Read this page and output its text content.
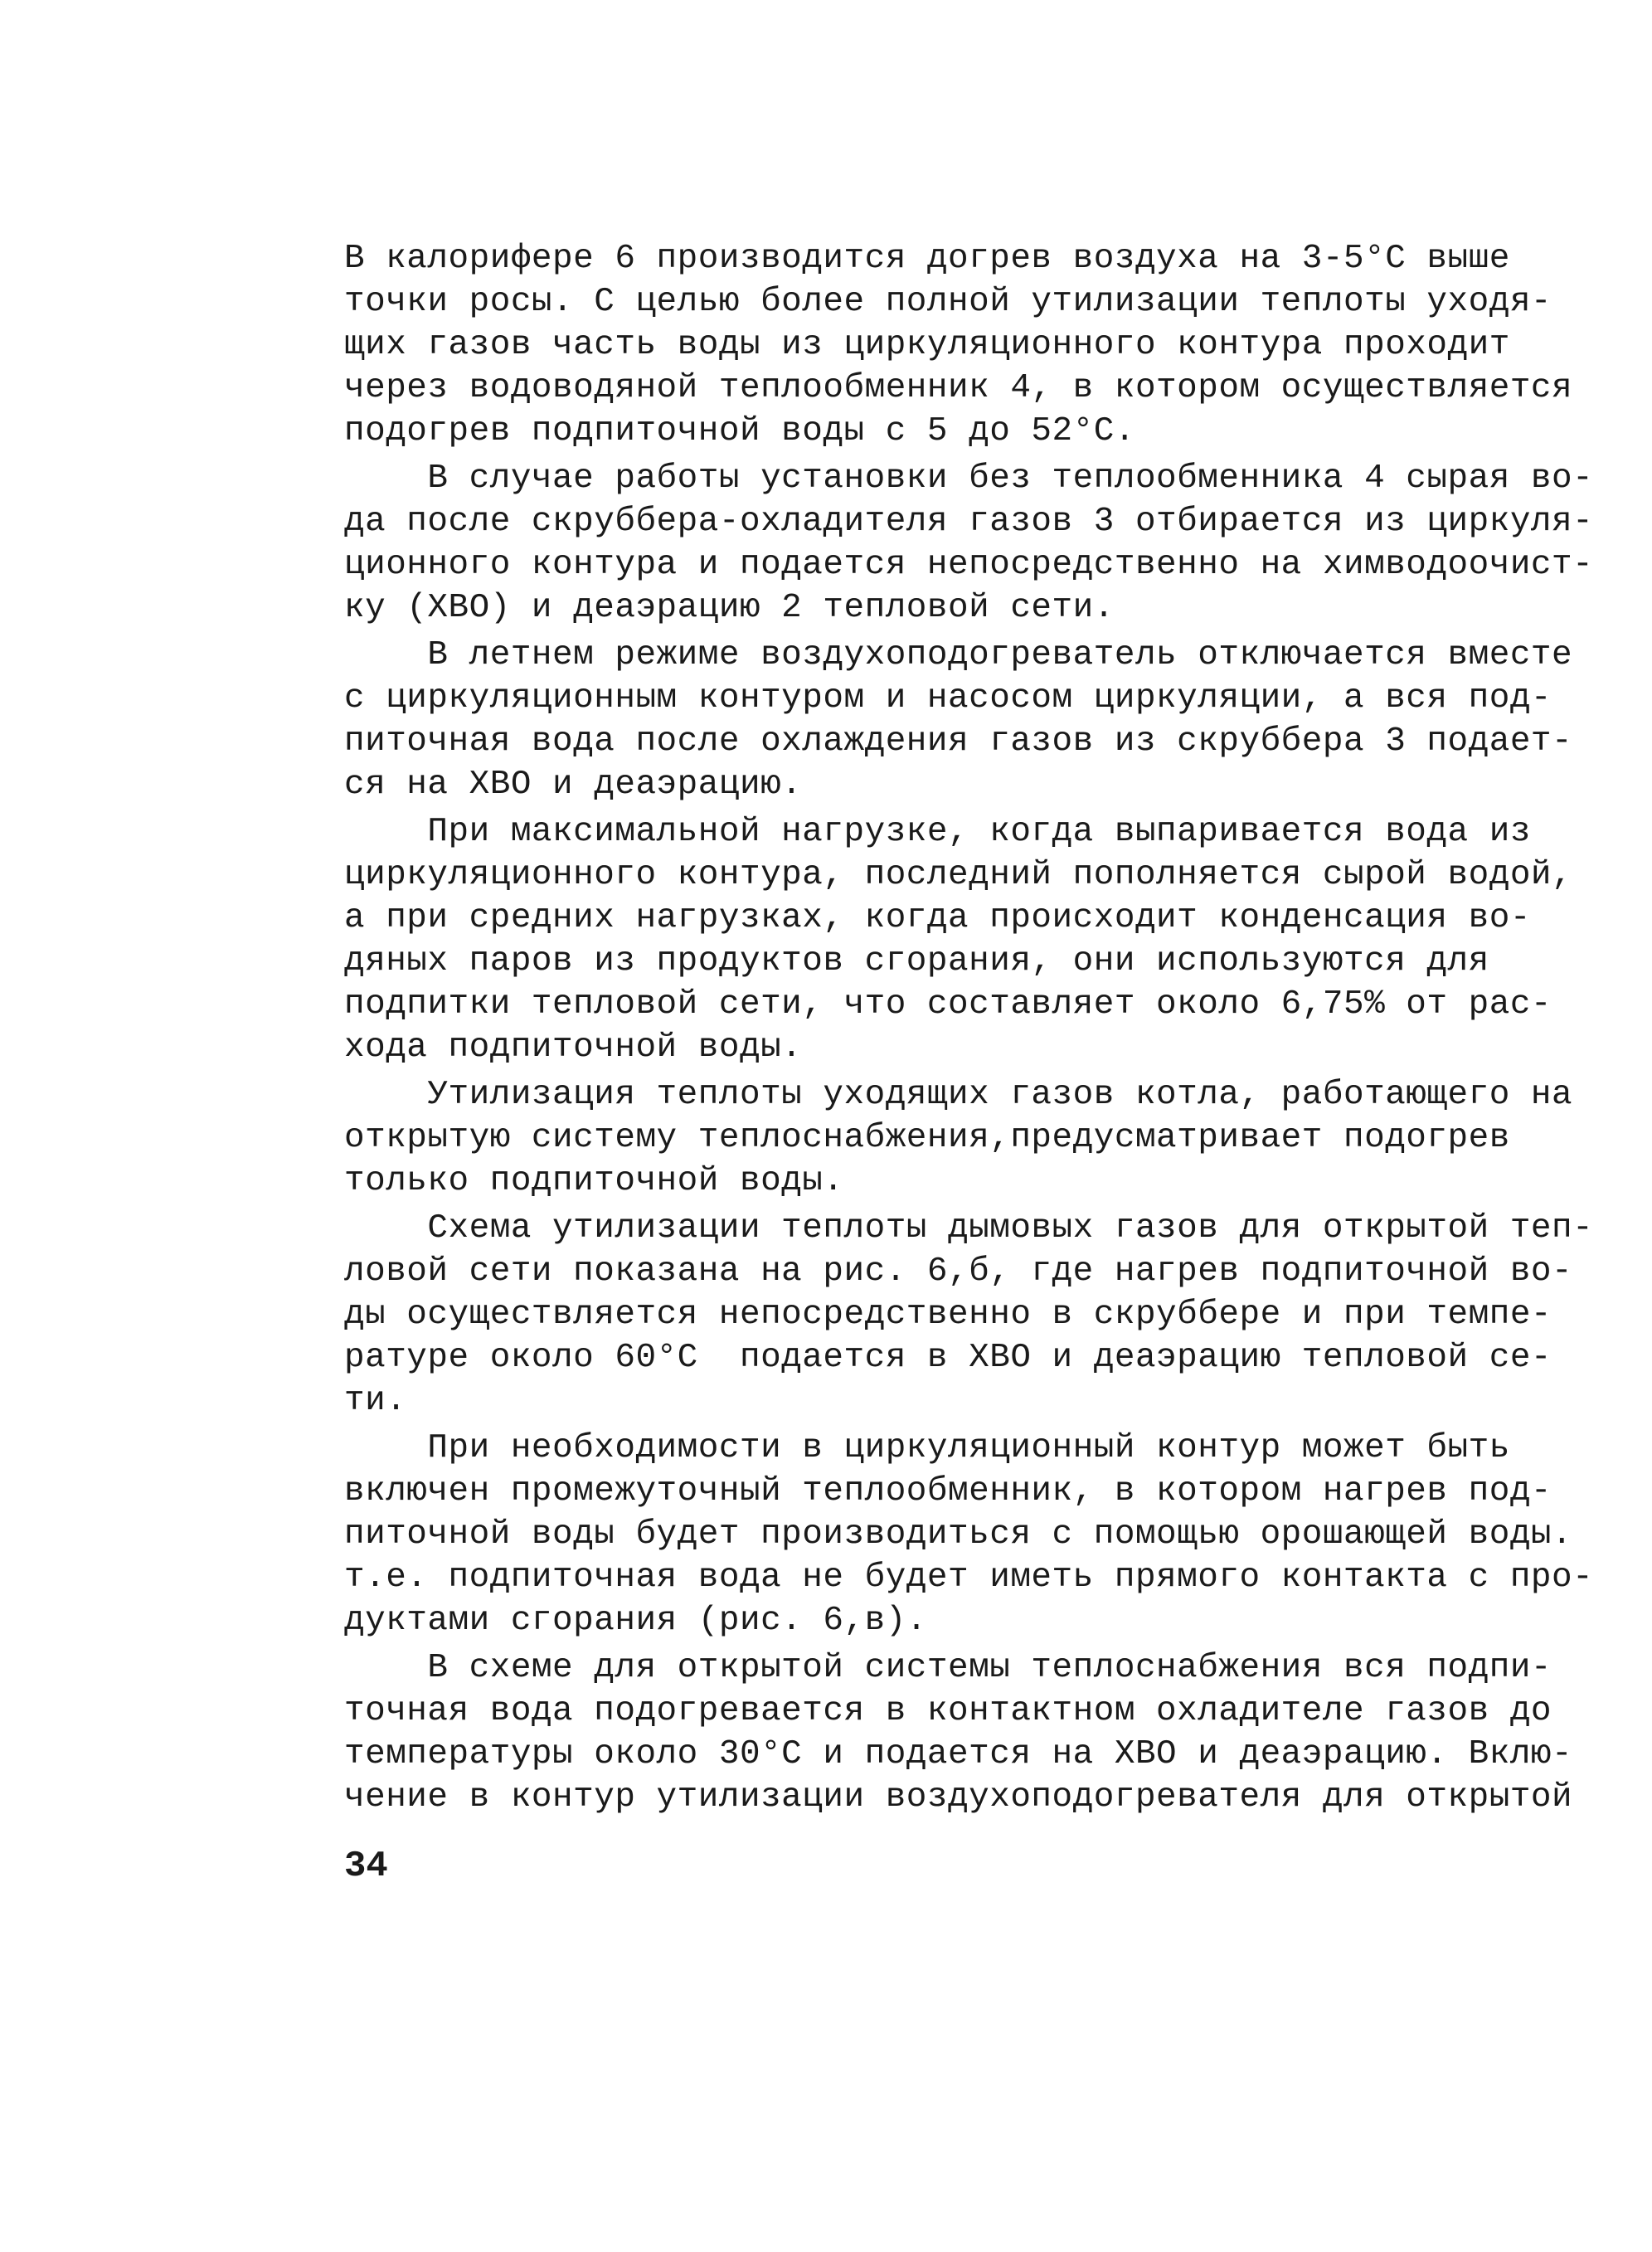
В калорифере 6 производится догрев воздуха на 3-5°С выше
точки росы. С целью более полной утилизации теплоты уходя-
щих газов часть воды из циркуляционного контура проходит
через водоводяной теплообменник 4, в котором осуществляется
подогрев подпиточной воды с 5 до 52°С.
В случае работы установки без теплообменника 4 сырая во-
да после скруббера-охладителя газов 3 отбирается из циркуля-
ционного контура и подается непосредственно на химводоочист-
ку (ХВО) и деаэрацию 2 тепловой сети.
В летнем режиме воздухоподогреватель отключается вместе
с циркуляционным контуром и насосом циркуляции, а вся под-
питочная вода после охлаждения газов из скруббера 3 подает-
ся на ХВО и деаэрацию.
При максимальной нагрузке, когда выпаривается вода из
циркуляционного контура, последний пополняется сырой водой,
а при средних нагрузках, когда происходит конденсация во-
дяных паров из продуктов сгорания, они используются для
подпитки тепловой сети, что составляет около 6,75% от рас-
хода подпиточной воды.
Утилизация теплоты уходящих газов котла, работающего на
открытую систему теплоснабжения,предусматривает подогрев
только подпиточной воды.
Схема утилизации теплоты дымовых газов для открытой теп-
ловой сети показана на рис. 6,б, где нагрев подпиточной во-
ды осуществляется непосредственно в скруббере и при темпе-
ратуре около 60°С  подается в ХВО и деаэрацию тепловой се-
ти.
При необходимости в циркуляционный контур может быть
включен промежуточный теплообменник, в котором нагрев под-
питочной воды будет производиться с помощью орошающей воды.
т.е. подпиточная вода не будет иметь прямого контакта с про-
дуктами сгорания (рис. 6,в).
В схеме для открытой системы теплоснабжения вся подпи-
точная вода подогревается в контактном охладителе газов до
температуры около 30°С и подается на ХВО и деаэрацию. Вклю-
чение в контур утилизации воздухоподогревателя для открытой
34
